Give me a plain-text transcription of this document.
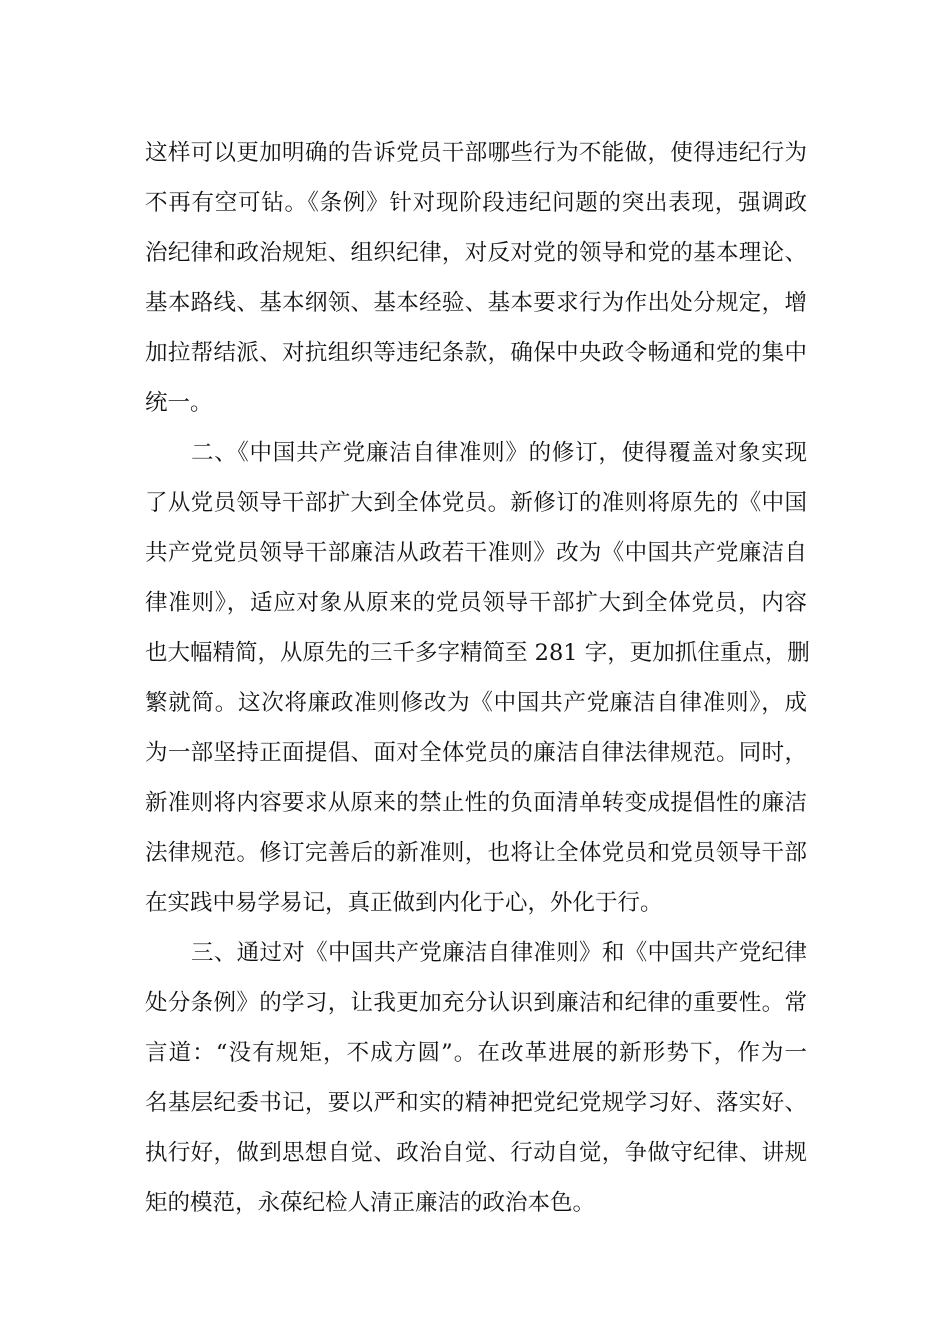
这样可以更加明确的告诉党员干部哪些行为不能做，使得违纪行为
不再有空可钻。《条例》针对现阶段违纪问题的突出表现，强调政
治纪律和政治规矩、组织纪律，对反对党的领导和党的基本理论、
基本路线、基本纲领、基本经验、基本要求行为作出处分规定，增
加拉帮结派、对抗组织等违纪条款，确保中央政令畅通和党的集中
统一。
二、《中国共产党廉洁自律准则》的修订，使得覆盖对象实现
了从党员领导干部扩大到全体党员。新修订的准则将原先的《中国
共产党党员领导干部廉洁从政若干准则》改为《中国共产党廉洁自
律准则》，适应对象从原来的党员领导干部扩大到全体党员，内容
也大幅精简，从原先的三千多字精简至 281 字，更加抓住重点，删
繁就简。这次将廉政准则修改为《中国共产党廉洁自律准则》，成
为一部坚持正面提倡、面对全体党员的廉洁自律法律规范。同时，
新准则将内容要求从原来的禁止性的负面清单转变成提倡性的廉洁
法律规范。修订完善后的新准则，也将让全体党员和党员领导干部
在实践中易学易记，真正做到内化于心，外化于行。
三、通过对《中国共产党廉洁自律准则》和《中国共产党纪律
处分条例》的学习，让我更加充分认识到廉洁和纪律的重要性。常
言道：“没有规矩，不成方圆”。在改革进展的新形势下，作为一
名基层纪委书记，要以严和实的精神把党纪党规学习好、落实好、
执行好，做到思想自觉、政治自觉、行动自觉，争做守纪律、讲规
矩的模范，永葆纪检人清正廉洁的政治本色。
